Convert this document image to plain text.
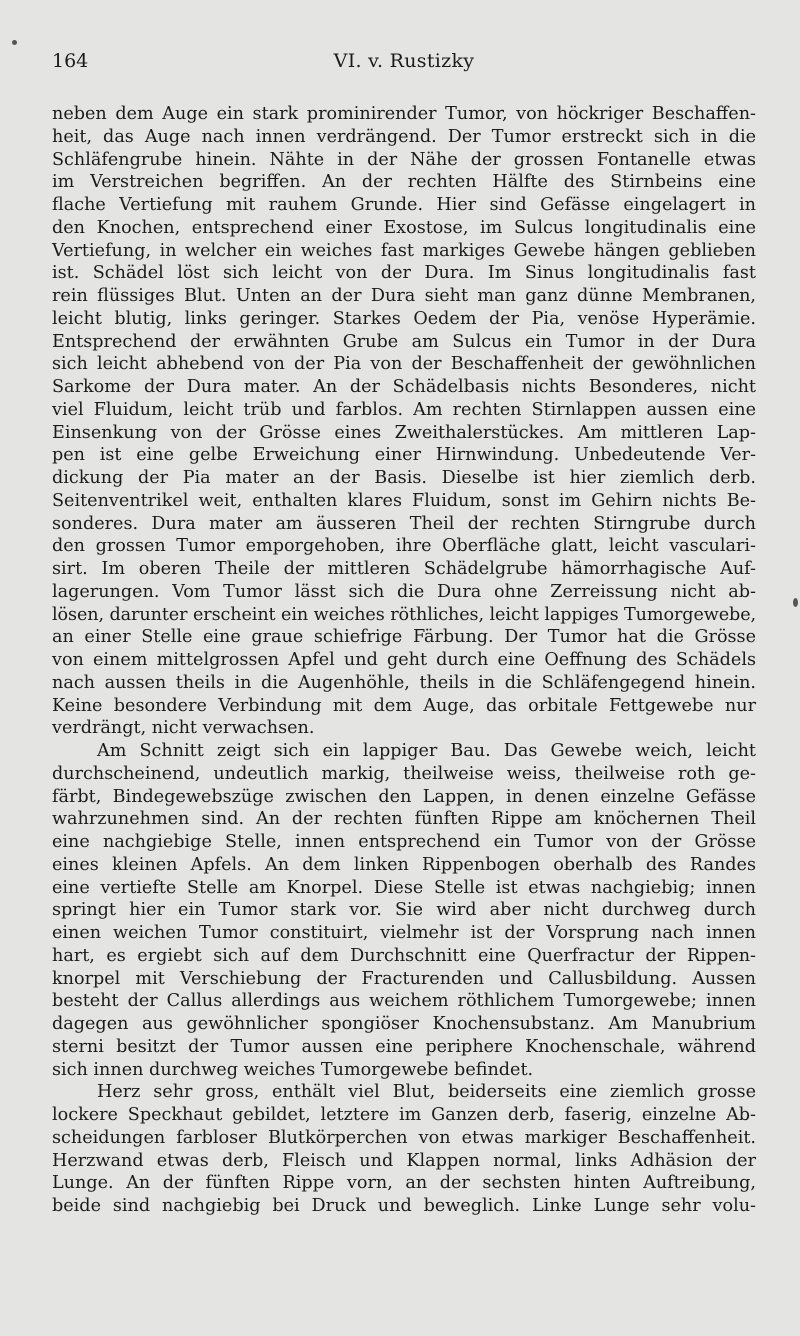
164	VI. v. Rustizky
neben dem Auge ein stark prominirender Tumor, von höckriger Beschaffen-
heit, das Auge nach innen verdrängend. Der Tumor erstreckt sich in die
Schläfengrube hinein. Nähte in der Nähe der grossen Fontanelle etwas
im Verstreichen begriffen. An der rechten Hälfte des Stirnbeins eine
flache Vertiefung mit rauhem Grunde. Hier sind Gefässe eingelagert in
den Knochen, entsprechend einer Exostose, im Sulcus longitudinalis eine
Vertiefung, in welcher ein weiches fast markiges Gewebe hängen geblieben
ist. Schädel löst sich leicht von der Dura. Im Sinus longitudinalis fast
rein flüssiges Blut. Unten an der Dura sieht man ganz dünne Membranen,
leicht blutig, links geringer. Starkes Oedem der Pia, venöse Hyperämie.
Entsprechend der erwähnten Grube am Sulcus ein Tumor in der Dura
sich leicht abhebend von der Pia von der Beschaffenheit der gewöhnlichen
Sarkome der Dura mater. An der Schädelbasis nichts Besonderes, nicht
viel Fluidum, leicht trüb und farblos. Am rechten Stirnlappen aussen eine
Einsenkung von der Grösse eines Zweithalerstückes. Am mittleren Lap-
pen ist eine gelbe Erweichung einer Hirnwindung. Unbedeutende Ver-
dickung der Pia mater an der Basis. Dieselbe ist hier ziemlich derb.
Seitenventrikel weit, enthalten klares Fluidum, sonst im Gehirn nichts Be-
sonderes. Dura mater am äusseren Theil der rechten Stirngrube durch
den grossen Tumor emporgehoben, ihre Oberfläche glatt, leicht vasculari-
sirt. Im oberen Theile der mittleren Schädelgrube hämorrhagische Auf-
lagerungen. Vom Tumor lässt sich die Dura ohne Zerreissung nicht ab-
lösen, darunter erscheint ein weiches röthliches, leicht lappiges Tumorgewebe,
an einer Stelle eine graue schiefrige Färbung. Der Tumor hat die Grösse
von einem mittelgrossen Apfel und geht durch eine Oeffnung des Schädels
nach aussen theils in die Augenhöhle, theils in die Schläfengegend hinein.
Keine besondere Verbindung mit dem Auge, das orbitale Fettgewebe nur
verdrängt, nicht verwachsen.
Am Schnitt zeigt sich ein lappiger Bau. Das Gewebe weich, leicht
durchscheinend, undeutlich markig, theilweise weiss, theilweise roth ge-
färbt, Bindegewebszüge zwischen den Lappen, in denen einzelne Gefässe
wahrzunehmen sind. An der rechten fünften Rippe am knöchernen Theil
eine nachgiebige Stelle, innen entsprechend ein Tumor von der Grösse
eines kleinen Apfels. An dem linken Rippenbogen oberhalb des Randes
eine vertiefte Stelle am Knorpel. Diese Stelle ist etwas nachgiebig; innen
springt hier ein Tumor stark vor. Sie wird aber nicht durchweg durch
einen weichen Tumor constituirt, vielmehr ist der Vorsprung nach innen
hart, es ergiebt sich auf dem Durchschnitt eine Querfractur der Rippen-
knorpel mit Verschiebung der Fracturenden und Callusbildung. Aussen
besteht der Callus allerdings aus weichem röthlichem Tumorgewebe; innen
dagegen aus gewöhnlicher spongiöser Knochensubstanz. Am Manubrium
sterni besitzt der Tumor aussen eine periphere Knochenschale, während
sich innen durchweg weiches Tumorgewebe befindet.
Herz sehr gross, enthält viel Blut, beiderseits eine ziemlich grosse
lockere Speckhaut gebildet, letztere im Ganzen derb, faserig, einzelne Ab-
scheidungen farbloser Blutkörperchen von etwas markiger Beschaffenheit.
Herzwand etwas derb, Fleisch und Klappen normal, links Adhäsion der
Lunge. An der fünften Rippe vorn, an der sechsten hinten Auftreibung,
beide sind nachgiebig bei Druck und beweglich. Linke Lunge sehr volu-
